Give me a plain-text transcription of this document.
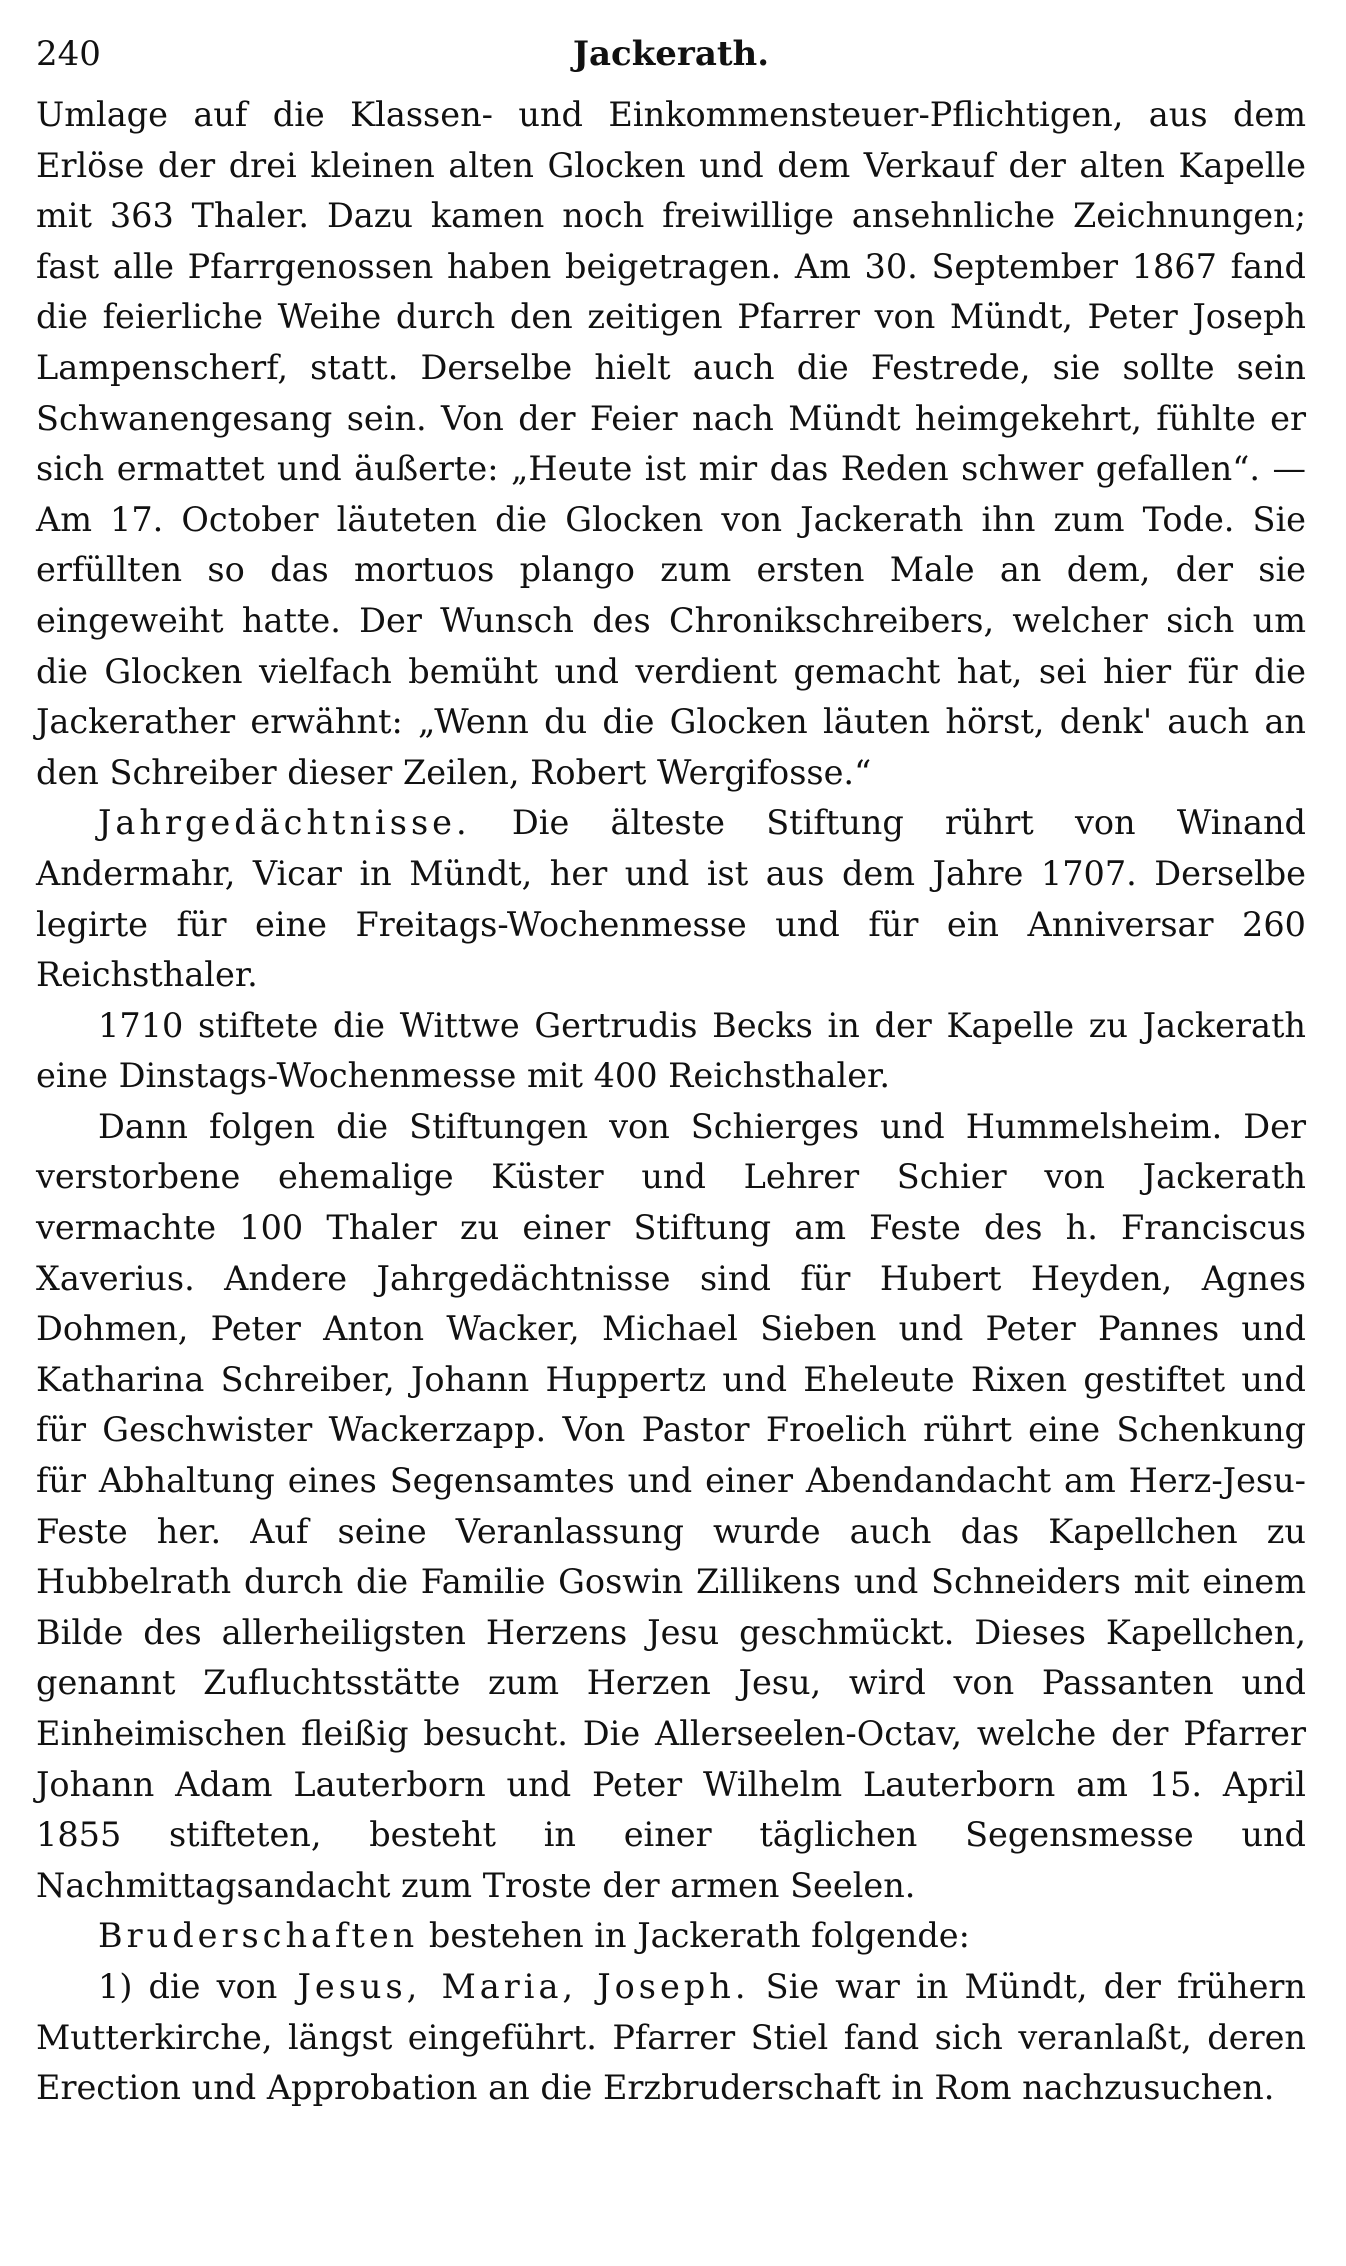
240	Jackerath.

Umlage auf die Klassen- und Einkommensteuer-Pflichtigen, aus dem Erlöse der drei kleinen alten Glocken und dem Verkauf der alten Kapelle mit 363 Thaler. Dazu kamen noch freiwillige ansehnliche Zeichnungen; fast alle Pfarrgenossen haben beigetragen. Am 30. September 1867 fand die feierliche Weihe durch den zeitigen Pfarrer von Mündt, Peter Joseph Lampenscherf, statt. Derselbe hielt auch die Festrede, sie sollte sein Schwanengesang sein. Von der Feier nach Mündt heimgekehrt, fühlte er sich ermattet und äußerte: „Heute ist mir das Reden schwer gefallen“. — Am 17. October läuteten die Glocken von Jackerath ihn zum Tode. Sie erfüllten so das mortuos plango zum ersten Male an dem, der sie eingeweiht hatte. Der Wunsch des Chronikschreibers, welcher sich um die Glocken vielfach bemüht und verdient gemacht hat, sei hier für die Jackerather erwähnt: „Wenn du die Glocken läuten hörst, denk' auch an den Schreiber dieser Zeilen, Robert Wergifosse.“

Jahrgedächtnisse. Die älteste Stiftung rührt von Winand Andermahr, Vicar in Mündt, her und ist aus dem Jahre 1707. Derselbe legirte für eine Freitags-Wochenmesse und für ein Anniversar 260 Reichsthaler.

1710 stiftete die Wittwe Gertrudis Becks in der Kapelle zu Jackerath eine Dinstags-Wochenmesse mit 400 Reichsthaler.

Dann folgen die Stiftungen von Schierges und Hummelsheim. Der verstorbene ehemalige Küster und Lehrer Schier von Jackerath vermachte 100 Thaler zu einer Stiftung am Feste des h. Franciscus Xaverius. Andere Jahrgedächtnisse sind für Hubert Heyden, Agnes Dohmen, Peter Anton Wacker, Michael Sieben und Peter Pannes und Katharina Schreiber, Johann Huppertz und Eheleute Rixen gestiftet und für Geschwister Wackerzapp. Von Pastor Froelich rührt eine Schenkung für Abhaltung eines Segensamtes und einer Abendandacht am Herz-Jesu-Feste her. Auf seine Veranlassung wurde auch das Kapellchen zu Hubbelrath durch die Familie Goswin Zillikens und Schneiders mit einem Bilde des allerheiligsten Herzens Jesu geschmückt. Dieses Kapellchen, genannt Zufluchtsstätte zum Herzen Jesu, wird von Passanten und Einheimischen fleißig besucht. Die Allerseelen-Octav, welche der Pfarrer Johann Adam Lauterborn und Peter Wilhelm Lauterborn am 15. April 1855 stifteten, besteht in einer täglichen Segensmesse und Nachmittagsandacht zum Troste der armen Seelen.

Bruderschaften bestehen in Jackerath folgende:

1) die von Jesus, Maria, Joseph. Sie war in Mündt, der frühern Mutterkirche, längst eingeführt. Pfarrer Stiel fand sich veranlaßt, deren Erection und Approbation an die Erzbruderschaft in Rom nachzusuchen.
